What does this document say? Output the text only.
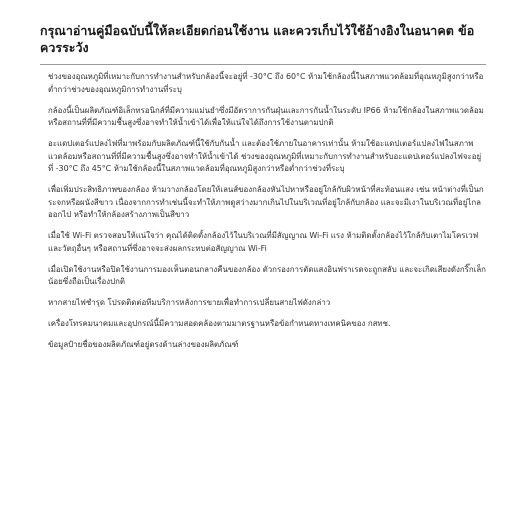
กรุณาอ่านคู่มือฉบับนี้ให้ละเอียดก่อนใช้งาน และควรเก็บไว้ใช้อ้างอิงในอนาคต ข้อควรระวัง

ช่วงของอุณหภูมิที่เหมาะกับการทำงานสำหรับกล้องนี้จะอยู่ที่ -30°C ถึง 60°C ห้ามใช้กล้องนี้ในสภาพแวดล้อมที่อุณหภูมิสูงกว่าหรือต่ำกว่าช่วงของอุณหภูมิการทำงานที่ระบุ

กล้องนี้เป็นผลิตภัณฑ์อิเล็กทรอนิกส์ที่มีความแม่นยำซึ่งมีอัตราการกันฝุ่นและการกันน้ำในระดับ IP66 ห้ามใช้กล้องในสภาพแวดล้อมหรือสถานที่ที่มีความชื้นสูงซึ่งอาจทำให้น้ำเข้าได้เพื่อให้แน่ใจได้ถึงการใช้งานตามปกติ

อะแดปเตอร์แปลงไฟที่มาพร้อมกับผลิตภัณฑ์นี้ใช้กับกันน้ำ และต้องใช้ภายในอาคารเท่านั้น ห้ามใช้อะแดปเตอร์แปลงไฟในสภาพแวดล้อมหรือสถานที่ที่มีความชื้นสูงซึ่งอาจทำให้น้ำเข้าได้ ช่วงของอุณหภูมิที่เหมาะกับการทำงานสำหรับอะแดปเตอร์แปลงไฟจะอยู่ที่ -30°C ถึง 45°C ห้ามใช้กล้องนี้ในสภาพแวดล้อมที่อุณหภูมิสูงกว่าหรือต่ำกว่าช่วงที่ระบุ

เพื่อเพิ่มประสิทธิภาพของกล้อง ห้ามวางกล้องโดยให้เลนส์ของกล้องหันไปหาหรืออยู่ใกล้กับผิวหน้าที่สะท้อนแสง เช่น หน้าต่างที่เป็นกระจกหรือผนังสีขาว เนื่องจากการทำเช่นนี้จะทำให้ภาพดูสว่างมากเกินไปในบริเวณที่อยู่ใกล้กับกล้อง และจะมีเงาในบริเวณที่อยู่ไกลออกไป หรือทำให้กล้องสร้างภาพเป็นสีขาว

เมื่อใช้ Wi-Fi ตรวจสอบให้แน่ใจว่า คุณได้ติดตั้งกล้องไว้ในบริเวณที่มีสัญญาณ Wi-Fi แรง ห้ามติดตั้งกล้องไว้ใกล้กับเตาไมโครเวฟและวัตถุอื่นๆ หรือสถานที่ซึ่งอาจจะส่งผลกระทบต่อสัญญาณ Wi-Fi

เมื่อเปิดใช้งานหรือปิดใช้งานการมองเห็นตอนกลางคืนของกล้อง ตัวกรองการตัดแสงอินฟราเรดจะถูกสลับ และจะเกิดเสียงดังกริ๊กเล็กน้อยซึ่งถือเป็นเรื่องปกติ

หากสายไฟชำรุด โปรดติดต่อทีมบริการหลังการขายเพื่อทำการเปลี่ยนสายไฟดังกล่าว

เครื่องโทรคมนาคมและอุปกรณ์นี้มีความสอดคล้องตามมาตรฐานหรือข้อกำหนดทางเทคนิคของ กสทช.

ข้อมูลป้ายชื่อของผลิตภัณฑ์อยู่ตรงด้านล่างของผลิตภัณฑ์
